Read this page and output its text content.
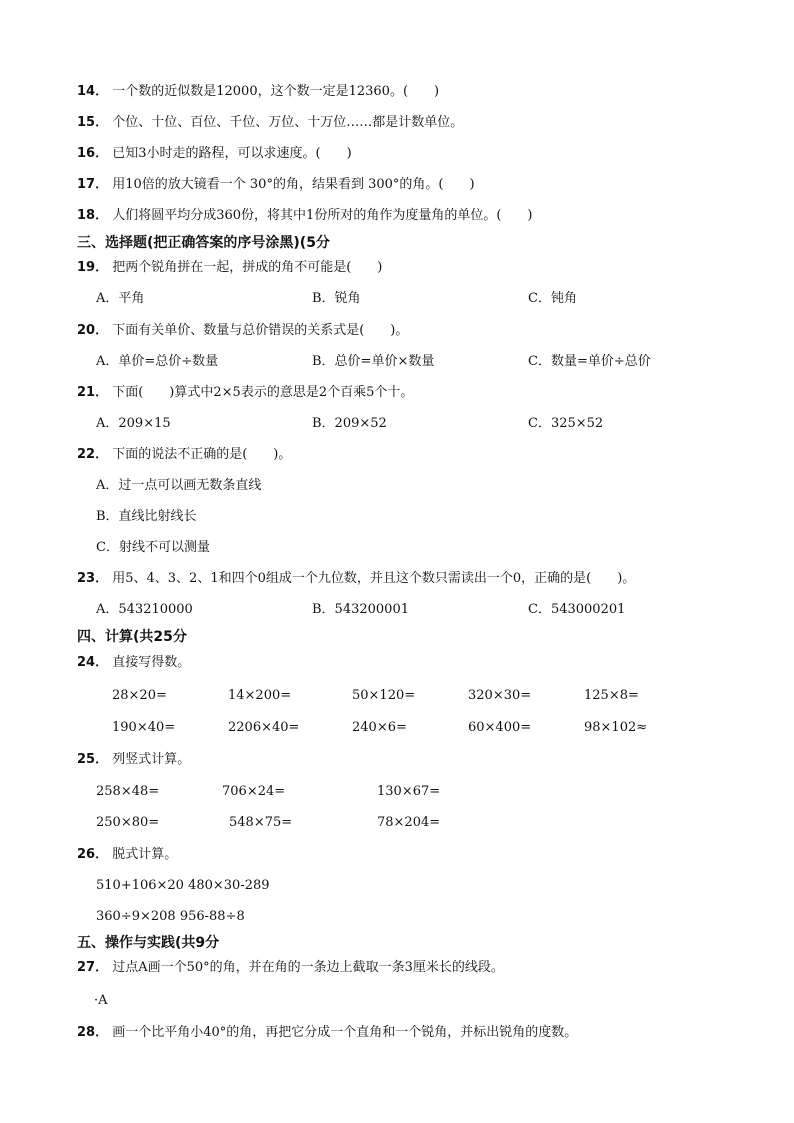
14． 一个数的近似数是12000，这个数一定是12360。(　　)
15． 个位、十位、百位、千位、万位、十万位……都是计数单位。
16． 已知3小时走的路程，可以求速度。(　　)
17． 用10倍的放大镜看一个 30°的角，结果看到 300°的角。(　　)
18． 人们将圆平均分成360份，将其中1份所对的角作为度量角的单位。(　　)
三、选择题(把正确答案的序号涂黑)(5分
19． 把两个锐角拼在一起，拼成的角不可能是(　　)
A．平角	B．锐角	C．钝角
20． 下面有关单价、数量与总价错误的关系式是(　　)。
A．单价=总价÷数量	B．总价=单价×数量	C．数量=单价÷总价
21． 下面(　　)算式中2×5表示的意思是2个百乘5个十。
A．209×15	B．209×52	C．325×52
22． 下面的说法不正确的是(　　)。
A．过一点可以画无数条直线
B．直线比射线长
C．射线不可以测量
23． 用5、4、3、2、1和四个0组成一个九位数，并且这个数只需读出一个0，正确的是(　　)。
A．543210000	B．543200001	C．543000201
四、计算(共25分
24． 直接写得数。
28×20=	14×200=	50×120=	320×30=	125×8=
190×40=	2206×40=	240×6=	60×400=	98×102≈
25． 列竖式计算。
258×48=	706×24=	130×67=
250×80=	548×75=	78×204=
26． 脱式计算。
510+106×20 480×30-289
360÷9×208 956-88÷8
五、操作与实践(共9分
27． 过点A画一个50°的角，并在角的一条边上截取一条3厘米长的线段。
·A
28． 画一个比平角小40°的角，再把它分成一个直角和一个锐角，并标出锐角的度数。
